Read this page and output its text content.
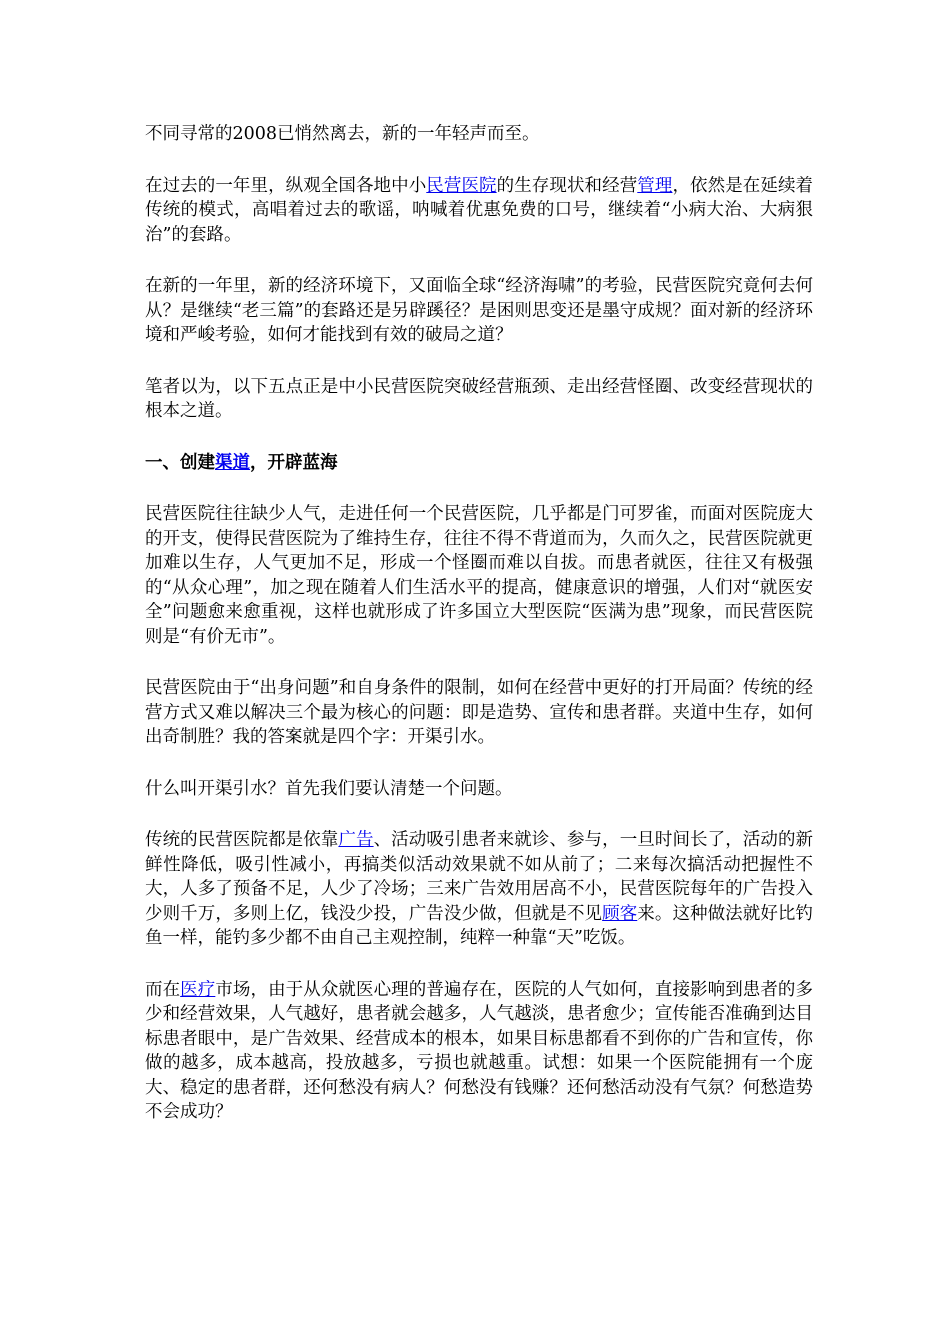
不同寻常的2008已悄然离去，新的一年轻声而至。

在过去的一年里，纵观全国各地中小民营医院的生存现状和经营管理，依然是在延续着传统的模式，高唱着过去的歌谣，呐喊着优惠免费的口号，继续着“小病大治、大病狠治”的套路。

在新的一年里，新的经济环境下，又面临全球“经济海啸”的考验，民营医院究竟何去何从？是继续“老三篇”的套路还是另辟蹊径？是困则思变还是墨守成规？面对新的经济环境和严峻考验，如何才能找到有效的破局之道？

笔者以为，以下五点正是中小民营医院突破经营瓶颈、走出经营怪圈、改变经营现状的根本之道。

一、创建渠道，开辟蓝海

民营医院往往缺少人气，走进任何一个民营医院，几乎都是门可罗雀，而面对医院庞大的开支，使得民营医院为了维持生存，往往不得不背道而为，久而久之，民营医院就更加难以生存，人气更加不足，形成一个怪圈而难以自拔。而患者就医，往往又有极强的“从众心理”，加之现在随着人们生活水平的提高，健康意识的增强，人们对“就医安全”问题愈来愈重视，这样也就形成了许多国立大型医院“医满为患”现象，而民营医院则是“有价无市”。

民营医院由于“出身问题”和自身条件的限制，如何在经营中更好的打开局面？传统的经营方式又难以解决三个最为核心的问题：即是造势、宣传和患者群。夹道中生存，如何出奇制胜？我的答案就是四个字：开渠引水。

什么叫开渠引水？首先我们要认清楚一个问题。

传统的民营医院都是依靠广告、活动吸引患者来就诊、参与，一旦时间长了，活动的新鲜性降低，吸引性减小，再搞类似活动效果就不如从前了；二来每次搞活动把握性不大，人多了预备不足，人少了冷场；三来广告效用居高不小，民营医院每年的广告投入少则千万，多则上亿，钱没少投，广告没少做，但就是不见顾客来。这种做法就好比钓鱼一样，能钓多少都不由自己主观控制，纯粹一种靠“天”吃饭。

而在医疗市场，由于从众就医心理的普遍存在，医院的人气如何，直接影响到患者的多少和经营效果，人气越好，患者就会越多，人气越淡，患者愈少；宣传能否准确到达目标患者眼中，是广告效果、经营成本的根本，如果目标患都看不到你的广告和宣传，你做的越多，成本越高，投放越多，亏损也就越重。试想：如果一个医院能拥有一个庞大、稳定的患者群，还何愁没有病人？何愁没有钱赚？还何愁活动没有气氛？何愁造势不会成功？
